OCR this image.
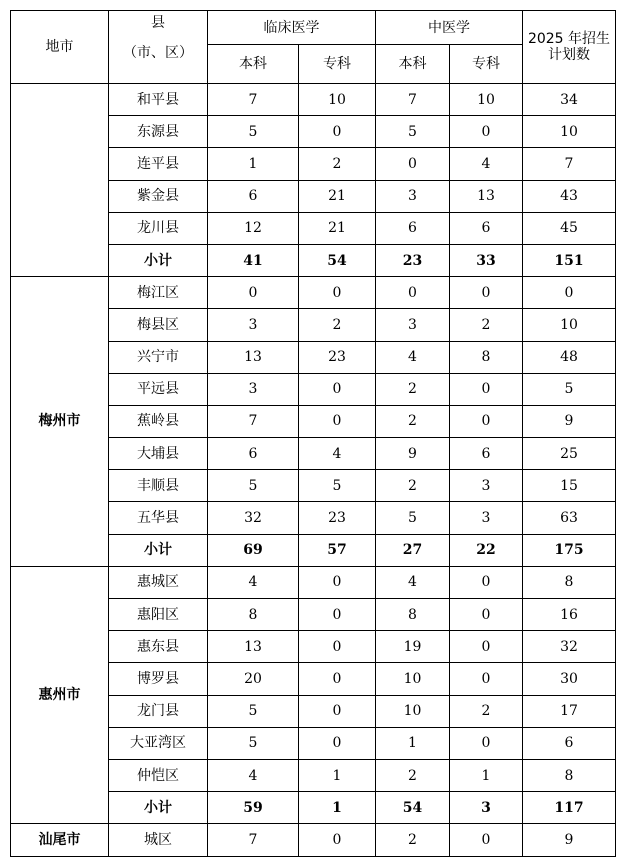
地市	县
（市、区）	临床医学		中医学		2025 年招生
计划数

		本科	专科	本科	专科	
	和平县	7	10	7	10	34
	东源县	5	0	5	0	10
	连平县	1	2	0	4	7
	紫金县	6	21	3	13	43
	龙川县	12	21	6	6	45
	小计	41	54	23	33	151
梅州市	梅江区	0	0	0	0	0
	梅县区	3	2	3	2	10
	兴宁市	13	23	4	8	48
	平远县	3	0	2	0	5
	蕉岭县	7	0	2	0	9
	大埔县	6	4	9	6	25
	丰顺县	5	5	2	3	15
	五华县	32	23	5	3	63
	小计	69	57	27	22	175
惠州市	惠城区	4	0	4	0	8
	惠阳区	8	0	8	0	16
	惠东县	13	0	19	0	32
	博罗县	20	0	10	0	30
	龙门县	5	0	10	2	17
	大亚湾区	5	0	1	0	6
	仲恺区	4	1	2	1	8
	小计	59	1	54	3	117
汕尾市	城区	7	0	2	0	9
